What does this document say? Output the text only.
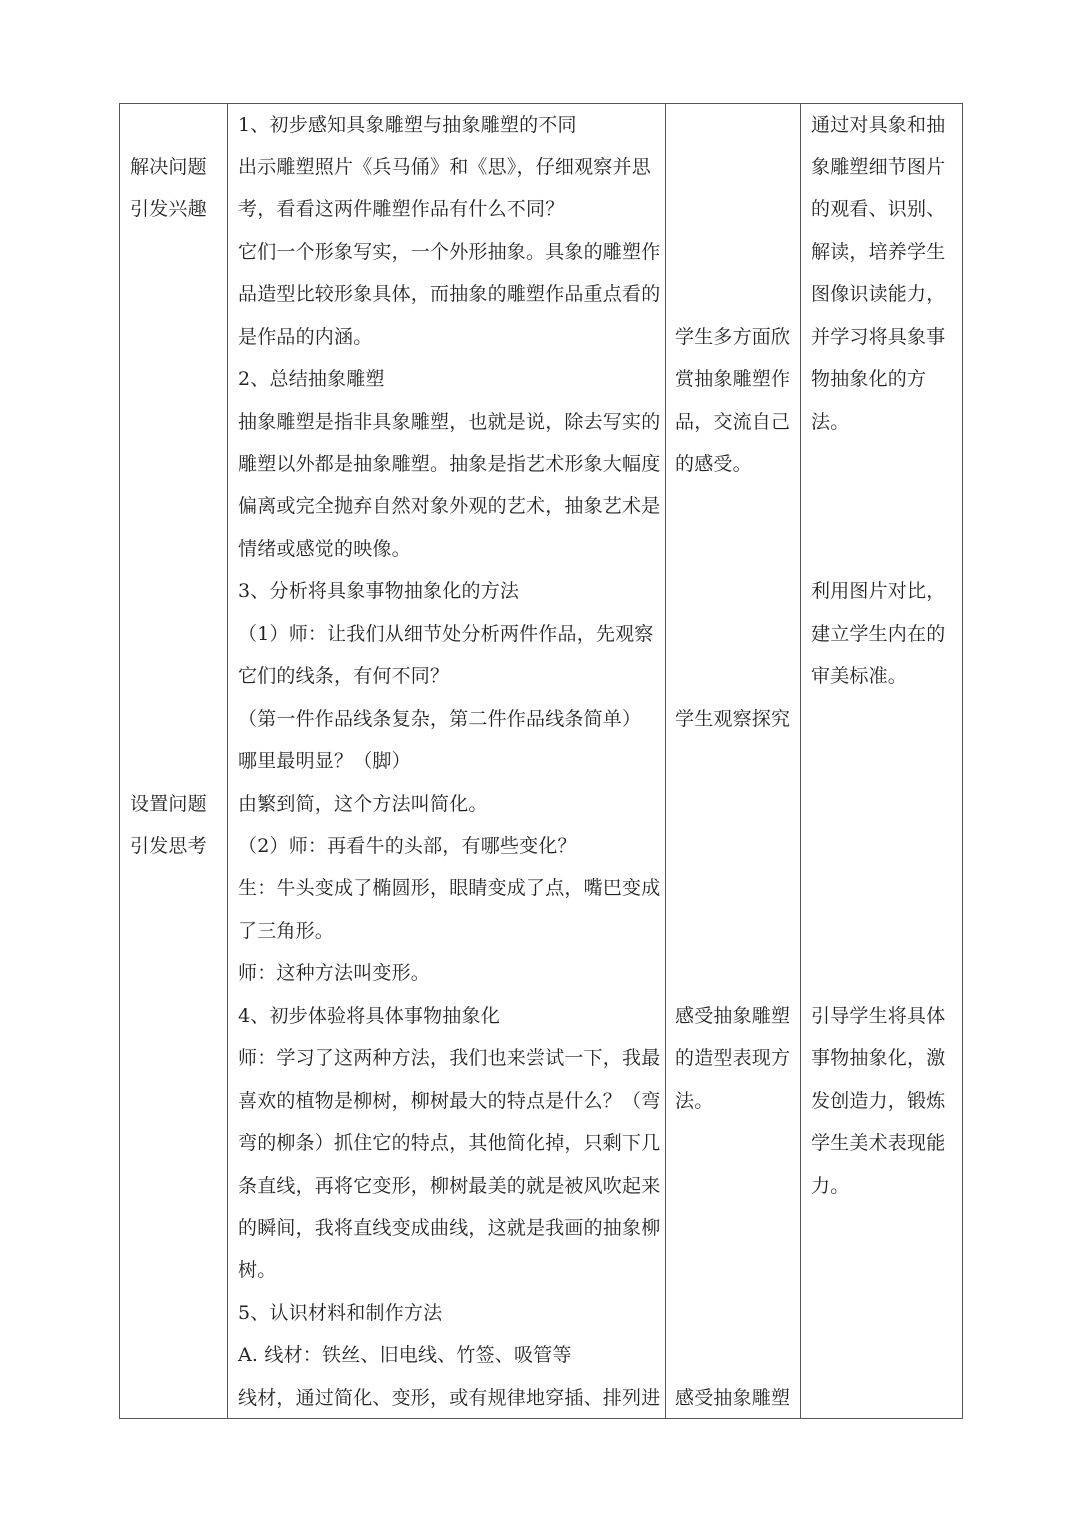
解决问题
引发兴趣
设置问题
引发思考
1、初步感知具象雕塑与抽象雕塑的不同
出示雕塑照片《兵马俑》和《思》，仔细观察并思
考，看看这两件雕塑作品有什么不同？
它们一个形象写实，一个外形抽象。具象的雕塑作
品造型比较形象具体，而抽象的雕塑作品重点看的
是作品的内涵。
2、总结抽象雕塑
抽象雕塑是指非具象雕塑，也就是说，除去写实的
雕塑以外都是抽象雕塑。抽象是指艺术形象大幅度
偏离或完全抛弃自然对象外观的艺术，抽象艺术是
情绪或感觉的映像。
3、分析将具象事物抽象化的方法
（1）师：让我们从细节处分析两件作品，先观察
它们的线条，有何不同？
（第一件作品线条复杂，第二件作品线条简单）
哪里最明显？（脚）
由繁到简，这个方法叫简化。
（2）师：再看牛的头部，有哪些变化？
生：牛头变成了椭圆形，眼睛变成了点，嘴巴变成
了三角形。
师：这种方法叫变形。
4、初步体验将具体事物抽象化
师：学习了这两种方法，我们也来尝试一下，我最
喜欢的植物是柳树，柳树最大的特点是什么？（弯
弯的柳条）抓住它的特点，其他简化掉，只剩下几
条直线，再将它变形，柳树最美的就是被风吹起来
的瞬间，我将直线变成曲线，这就是我画的抽象柳
树。
5、认识材料和制作方法
A. 线材：铁丝、旧电线、竹签、吸管等
线材，通过简化、变形，或有规律地穿插、排列进
学生多方面欣
赏抽象雕塑作
品，交流自己
的感受。
学生观察探究
感受抽象雕塑
的造型表现方
法。
感受抽象雕塑
通过对具象和抽
象雕塑细节图片
的观看、识别、
解读，培养学生
图像识读能力，
并学习将具象事
物抽象化的方
法。
利用图片对比，
建立学生内在的
审美标准。
引导学生将具体
事物抽象化，激
发创造力，锻炼
学生美术表现能
力。
